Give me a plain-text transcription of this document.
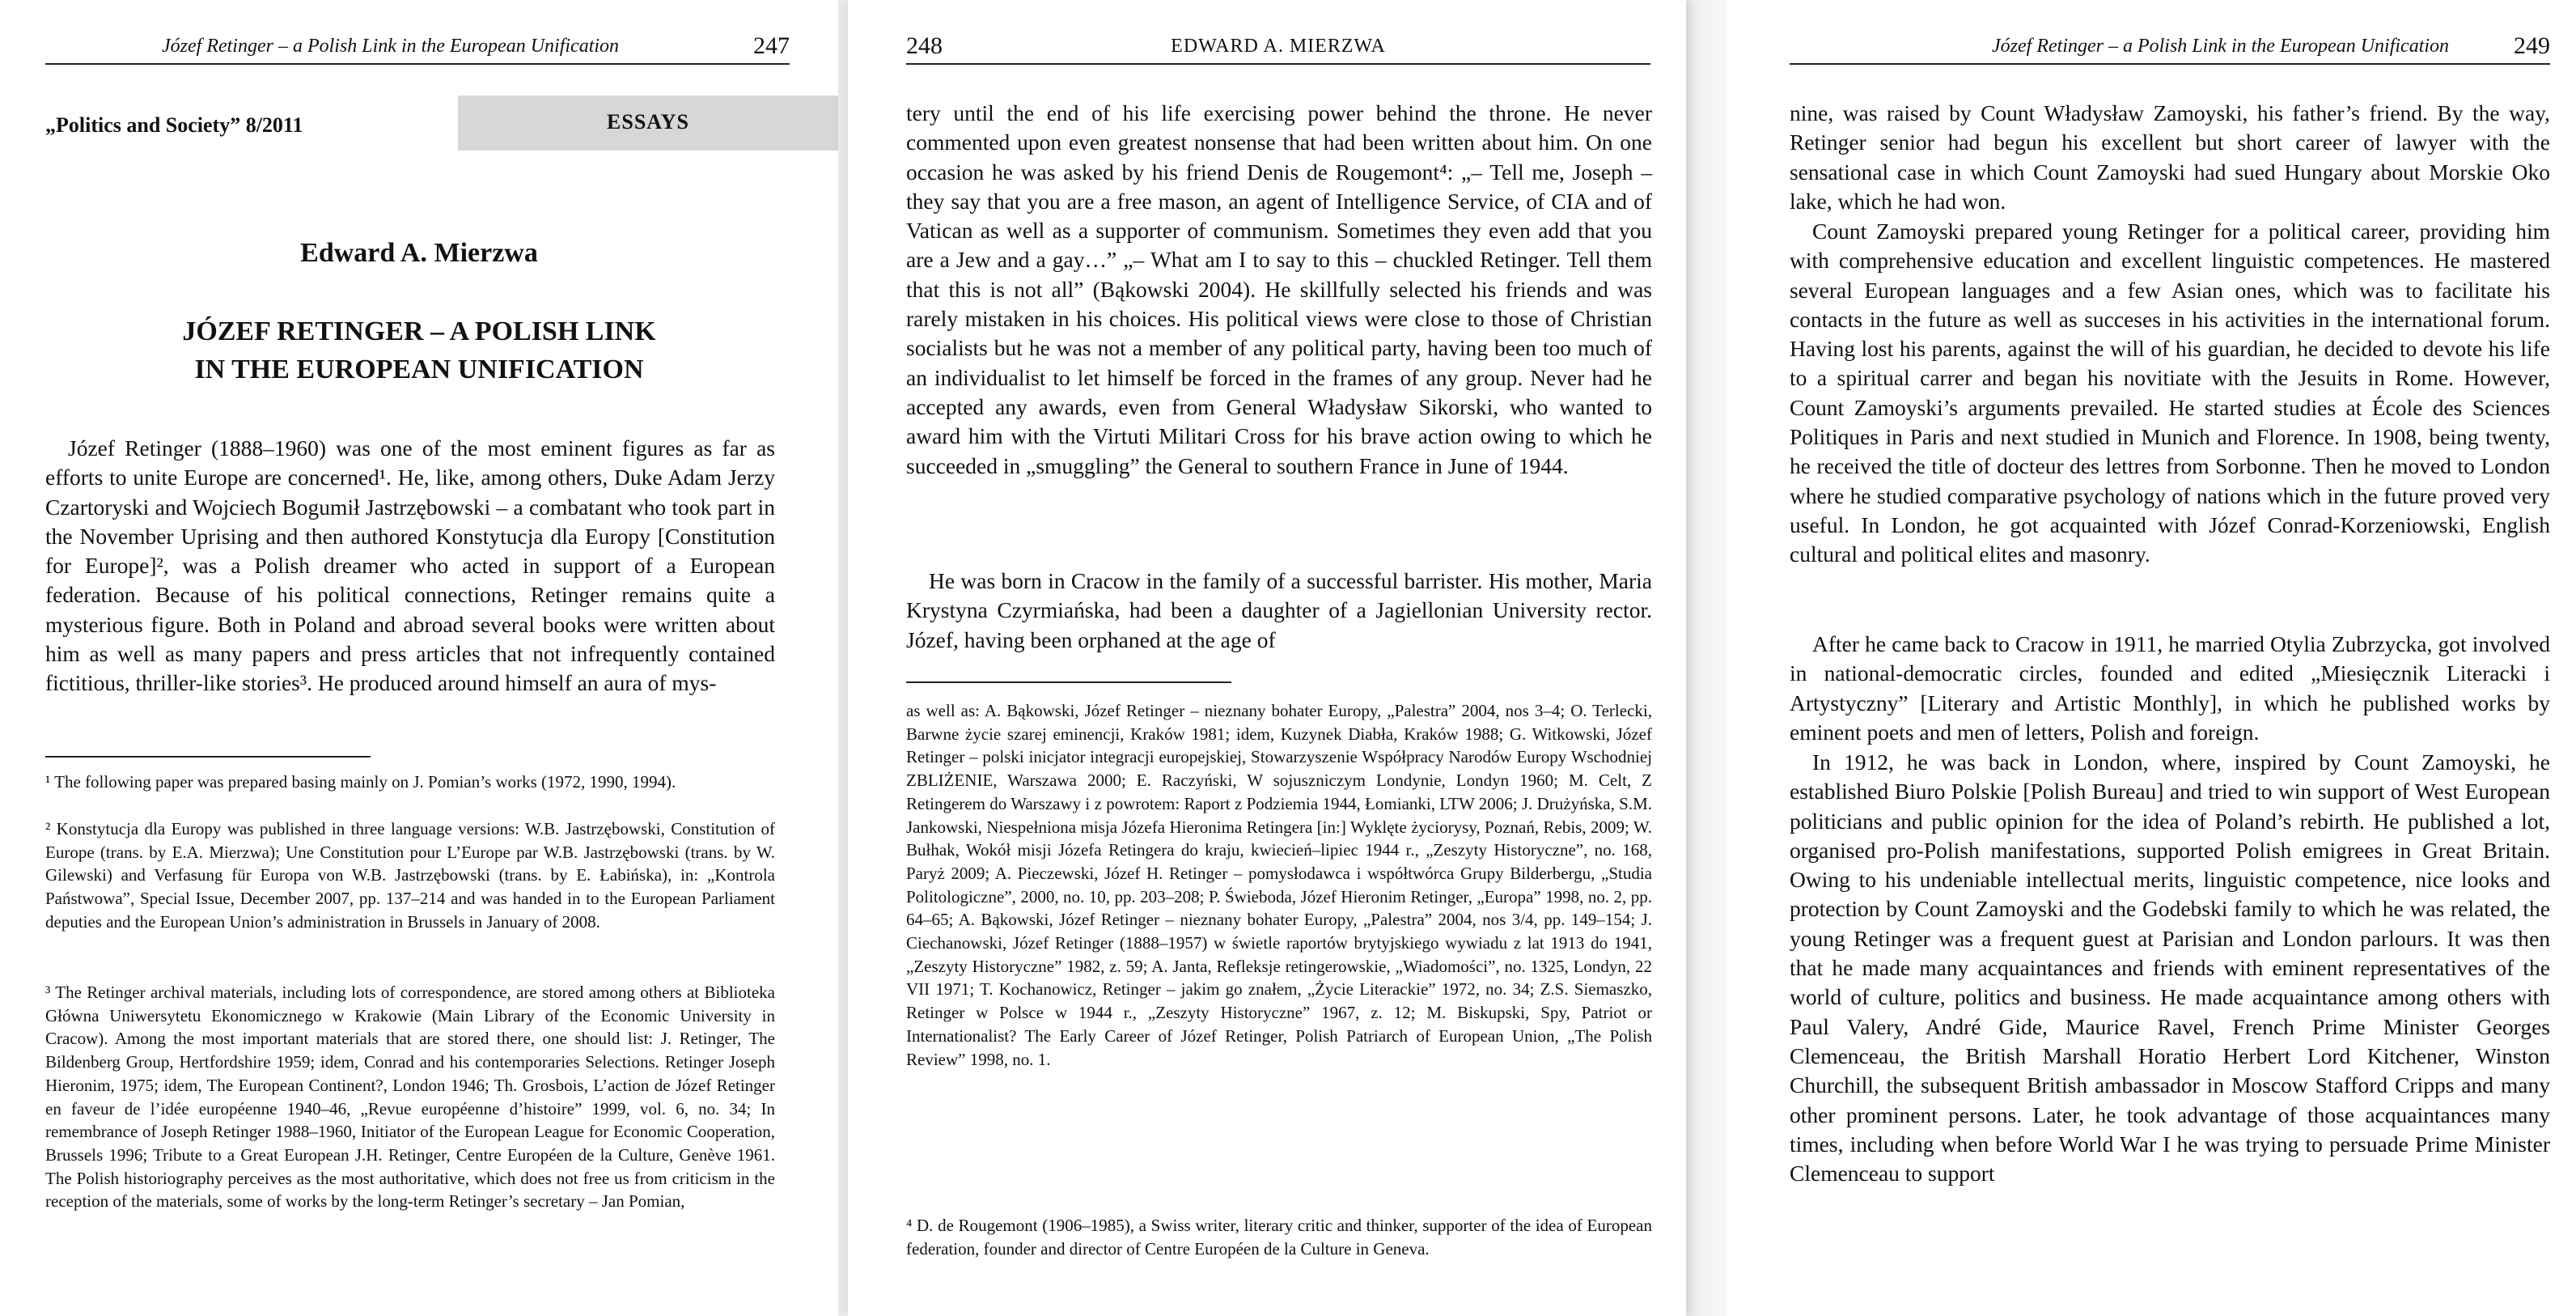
Józef Retinger – a Polish Link in the European Unification	247
„Politics and Society” 8/2011	ESSAYS
Edward A. Mierzwa
JÓZEF RETINGER – A POLISH LINK
IN THE EUROPEAN UNIFICATION

Józef Retinger (1888–1960) was one of the most eminent figures as far as efforts to unite Europe are concerned¹. He, like, among others, Duke Adam Jerzy Czartoryski and Wojciech Bogumił Jastrzębowski – a combatant who took part in the November Uprising and then authored Konstytucja dla Europy [Constitution for Europe]², was a Polish dreamer who acted in support of a European federation. Because of his political connections, Retinger remains quite a mysterious figure. Both in Poland and abroad several books were written about him as well as many papers and press articles that not infrequently contained fictitious, thriller-like stories³. He produced around himself an aura of mys-

¹ The following paper was prepared basing mainly on J. Pomian’s works (1972, 1990, 1994).

² Konstytucja dla Europy was published in three language versions: W.B. Jastrzębowski, Constitution of Europe (trans. by E.A. Mierzwa); Une Constitution pour L’Europe par W.B. Jastrzębowski (trans. by W. Gilewski) and Verfasung für Europa von W.B. Jastrzębowski (trans. by E. Łabińska), in: „Kontrola Państwowa”, Special Issue, December 2007, pp. 137–214 and was handed in to the European Parliament deputies and the European Union’s administration in Brussels in January of 2008.

³ The Retinger archival materials, including lots of correspondence, are stored among others at Biblioteka Główna Uniwersytetu Ekonomicznego w Krakowie (Main Library of the Economic University in Cracow). Among the most important materials that are stored there, one should list: J. Retinger, The Bildenberg Group, Hertfordshire 1959; idem, Conrad and his contemporaries Selections. Retinger Joseph Hieronim, 1975; idem, The European Continent?, London 1946; Th. Grosbois, L’action de Józef Retinger en faveur de l’idée européenne 1940–46, „Revue européenne d’histoire” 1999, vol. 6, no. 34; In remembrance of Joseph Retinger 1988–1960, Initiator of the European League for Economic Cooperation, Brussels 1996; Tribute to a Great European J.H. Retinger, Centre Européen de la Culture, Genève 1961. The Polish historiography perceives as the most authoritative, which does not free us from criticism in the reception of the materials, some of works by the long-term Retinger’s secretary – Jan Pomian,

248	EDWARD A. MIERZWA

tery until the end of his life exercising power behind the throne. He never commented upon even greatest nonsense that had been written about him. On one occasion he was asked by his friend Denis de Rougemont⁴: „– Tell me, Joseph – they say that you are a free mason, an agent of Intelligence Service, of CIA and of Vatican as well as a supporter of communism. Sometimes they even add that you are a Jew and a gay…” „– What am I to say to this – chuckled Retinger. Tell them that this is not all” (Bąkowski 2004). He skillfully selected his friends and was rarely mistaken in his choices. His political views were close to those of Christian socialists but he was not a member of any political party, having been too much of an individualist to let himself be forced in the frames of any group. Never had he accepted any awards, even from General Władysław Sikorski, who wanted to award him with the Virtuti Militari Cross for his brave action owing to which he succeeded in „smuggling” the General to southern France in June of 1944.

He was born in Cracow in the family of a successful barrister. His mother, Maria Krystyna Czyrmiańska, had been a daughter of a Jagiellonian University rector. Józef, having been orphaned at the age of

as well as: A. Bąkowski, Józef Retinger – nieznany bohater Europy, „Palestra” 2004, nos 3–4; O. Terlecki, Barwne życie szarej eminencji, Kraków 1981; idem, Kuzynek Diabła, Kraków 1988; G. Witkowski, Józef Retinger – polski inicjator integracji europejskiej, Stowarzyszenie Współpracy Narodów Europy Wschodniej ZBLIŻENIE, Warszawa 2000; E. Raczyński, W sojuszniczym Londynie, Londyn 1960; M. Celt, Z Retingerem do Warszawy i z powrotem: Raport z Podziemia 1944, Łomianki, LTW 2006; J. Drużyńska, S.M. Jankowski, Niespełniona misja Józefa Hieronima Retingera [in:] Wyklęte życiorysy, Poznań, Rebis, 2009; W. Bułhak, Wokół misji Józefa Retingera do kraju, kwiecień–lipiec 1944 r., „Zeszyty Historyczne”, no. 168, Paryż 2009; A. Pieczewski, Józef H. Retinger – pomysłodawca i współtwórca Grupy Bilderbergu, „Studia Politologiczne”, 2000, no. 10, pp. 203–208; P. Świeboda, Józef Hieronim Retinger, „Europa” 1998, no. 2, pp. 64–65; A. Bąkowski, Józef Retinger – nieznany bohater Europy, „Palestra” 2004, nos 3/4, pp. 149–154; J. Ciechanowski, Józef Retinger (1888–1957) w świetle raportów brytyjskiego wywiadu z lat 1913 do 1941, „Zeszyty Historyczne” 1982, z. 59; A. Janta, Refleksje retingerowskie, „Wiadomości”, no. 1325, Londyn, 22 VII 1971; T. Kochanowicz, Retinger – jakim go znałem, „Życie Literackie” 1972, no. 34; Z.S. Siemaszko, Retinger w Polsce w 1944 r., „Zeszyty Historyczne” 1967, z. 12; M. Biskupski, Spy, Patriot or Internationalist? The Early Career of Józef Retinger, Polish Patriarch of European Union, „The Polish Review” 1998, no. 1.

⁴ D. de Rougemont (1906–1985), a Swiss writer, literary critic and thinker, supporter of the idea of European federation, founder and director of Centre Européen de la Culture in Geneva.

Józef Retinger – a Polish Link in the European Unification	249

nine, was raised by Count Władysław Zamoyski, his father’s friend. By the way, Retinger senior had begun his excellent but short career of lawyer with the sensational case in which Count Zamoyski had sued Hungary about Morskie Oko lake, which he had won.

Count Zamoyski prepared young Retinger for a political career, providing him with comprehensive education and excellent linguistic competences. He mastered several European languages and a few Asian ones, which was to facilitate his contacts in the future as well as succeses in his activities in the international forum. Having lost his parents, against the will of his guardian, he decided to devote his life to a spiritual carrer and began his novitiate with the Jesuits in Rome. However, Count Zamoyski’s arguments prevailed. He started studies at École des Sciences Politiques in Paris and next studied in Munich and Florence. In 1908, being twenty, he received the title of docteur des lettres from Sorbonne. Then he moved to London where he studied comparative psychology of nations which in the future proved very useful. In London, he got acquainted with Józef Conrad-Korzeniowski, English cultural and political elites and masonry.

After he came back to Cracow in 1911, he married Otylia Zubrzycka, got involved in national-democratic circles, founded and edited „Miesięcznik Literacki i Artystyczny” [Literary and Artistic Monthly], in which he published works by eminent poets and men of letters, Polish and foreign.

In 1912, he was back in London, where, inspired by Count Zamoyski, he established Biuro Polskie [Polish Bureau] and tried to win support of West European politicians and public opinion for the idea of Poland’s rebirth. He published a lot, organised pro-Polish manifestations, supported Polish emigrees in Great Britain. Owing to his undeniable intellectual merits, linguistic competence, nice looks and protection by Count Zamoyski and the Godebski family to which he was related, the young Retinger was a frequent guest at Parisian and London parlours. It was then that he made many acquaintances and friends with eminent representatives of the world of culture, politics and business. He made acquaintance among others with Paul Valery, André Gide, Maurice Ravel, French Prime Minister Georges Clemenceau, the British Marshall Horatio Herbert Lord Kitchener, Winston Churchill, the subsequent British ambassador in Moscow Stafford Cripps and many other prominent persons. Later, he took advantage of those acquaintances many times, including when before World War I he was trying to persuade Prime Minister Clemenceau to support
